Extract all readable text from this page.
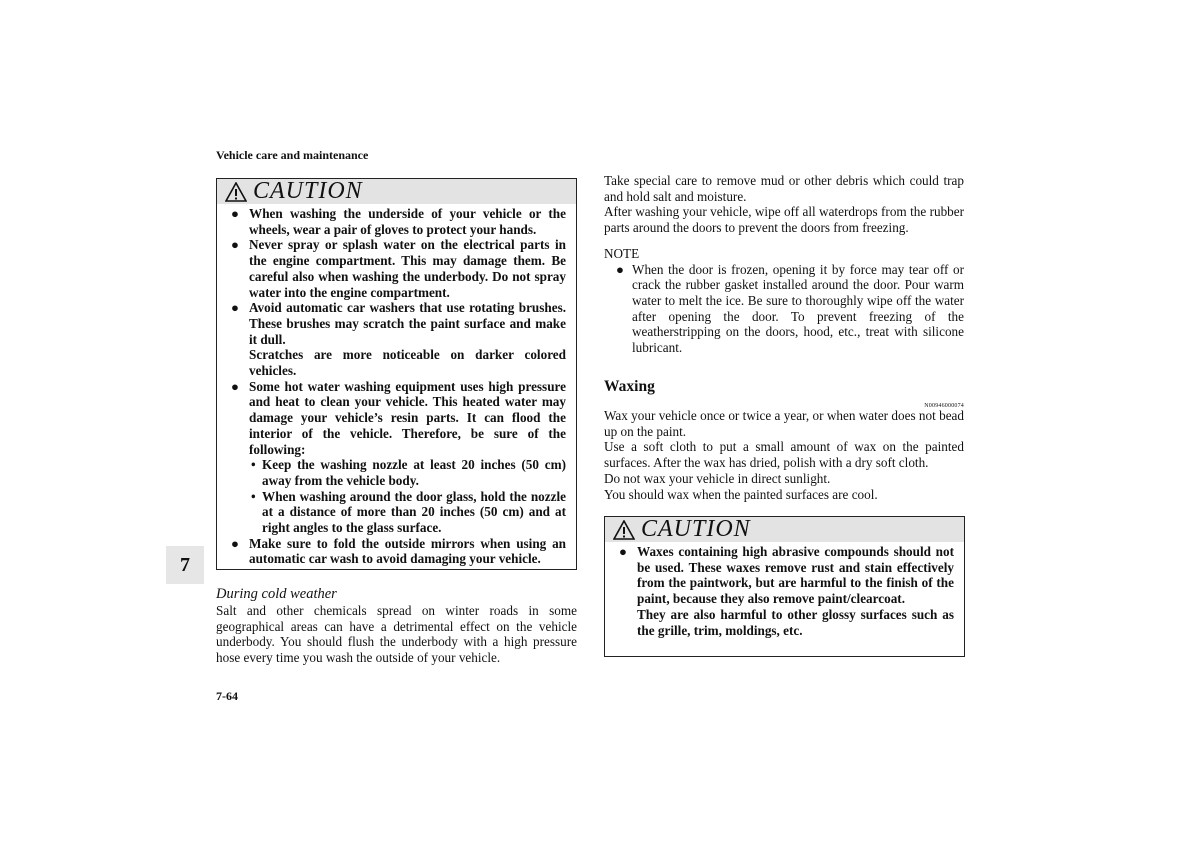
Vehicle care and maintenance
CAUTION
● When washing the underside of your vehicle or the wheels, wear a pair of gloves to protect your hands.
● Never spray or splash water on the electrical parts in the engine compartment. This may damage them. Be careful also when washing the underbody. Do not spray water into the engine compartment.
● Avoid automatic car washers that use rotating brushes. These brushes may scratch the paint surface and make it dull.
Scratches are more noticeable on darker colored vehicles.
● Some hot water washing equipment uses high pressure and heat to clean your vehicle. This heated water may damage your vehicle’s resin parts. It can flood the interior of the vehicle. Therefore, be sure of the following:
• Keep the washing nozzle at least 20 inches (50 cm) away from the vehicle body.
• When washing around the door glass, hold the nozzle at a distance of more than 20 inches (50 cm) and at right angles to the glass surface.
● Make sure to fold the outside mirrors when using an automatic car wash to avoid damaging your vehicle.
During cold weather
Salt and other chemicals spread on winter roads in some geographical areas can have a detrimental effect on the vehicle underbody. You should flush the underbody with a high pressure hose every time you wash the outside of your vehicle.
7
7-64
Take special care to remove mud or other debris which could trap and hold salt and moisture.
After washing your vehicle, wipe off all waterdrops from the rubber parts around the doors to prevent the doors from freezing.
NOTE
● When the door is frozen, opening it by force may tear off or crack the rubber gasket installed around the door. Pour warm water to melt the ice. Be sure to thoroughly wipe off the water after opening the door. To prevent freezing of the weatherstripping on the doors, hood, etc., treat with silicone lubricant.
Waxing
N00946000074
Wax your vehicle once or twice a year, or when water does not bead up on the paint.
Use a soft cloth to put a small amount of wax on the painted surfaces. After the wax has dried, polish with a dry soft cloth.
Do not wax your vehicle in direct sunlight.
You should wax when the painted surfaces are cool.
CAUTION
● Waxes containing high abrasive compounds should not be used. These waxes remove rust and stain effectively from the paintwork, but are harmful to the finish of the paint, because they also remove paint/clearcoat.
They are also harmful to other glossy surfaces such as the grille, trim, moldings, etc.
